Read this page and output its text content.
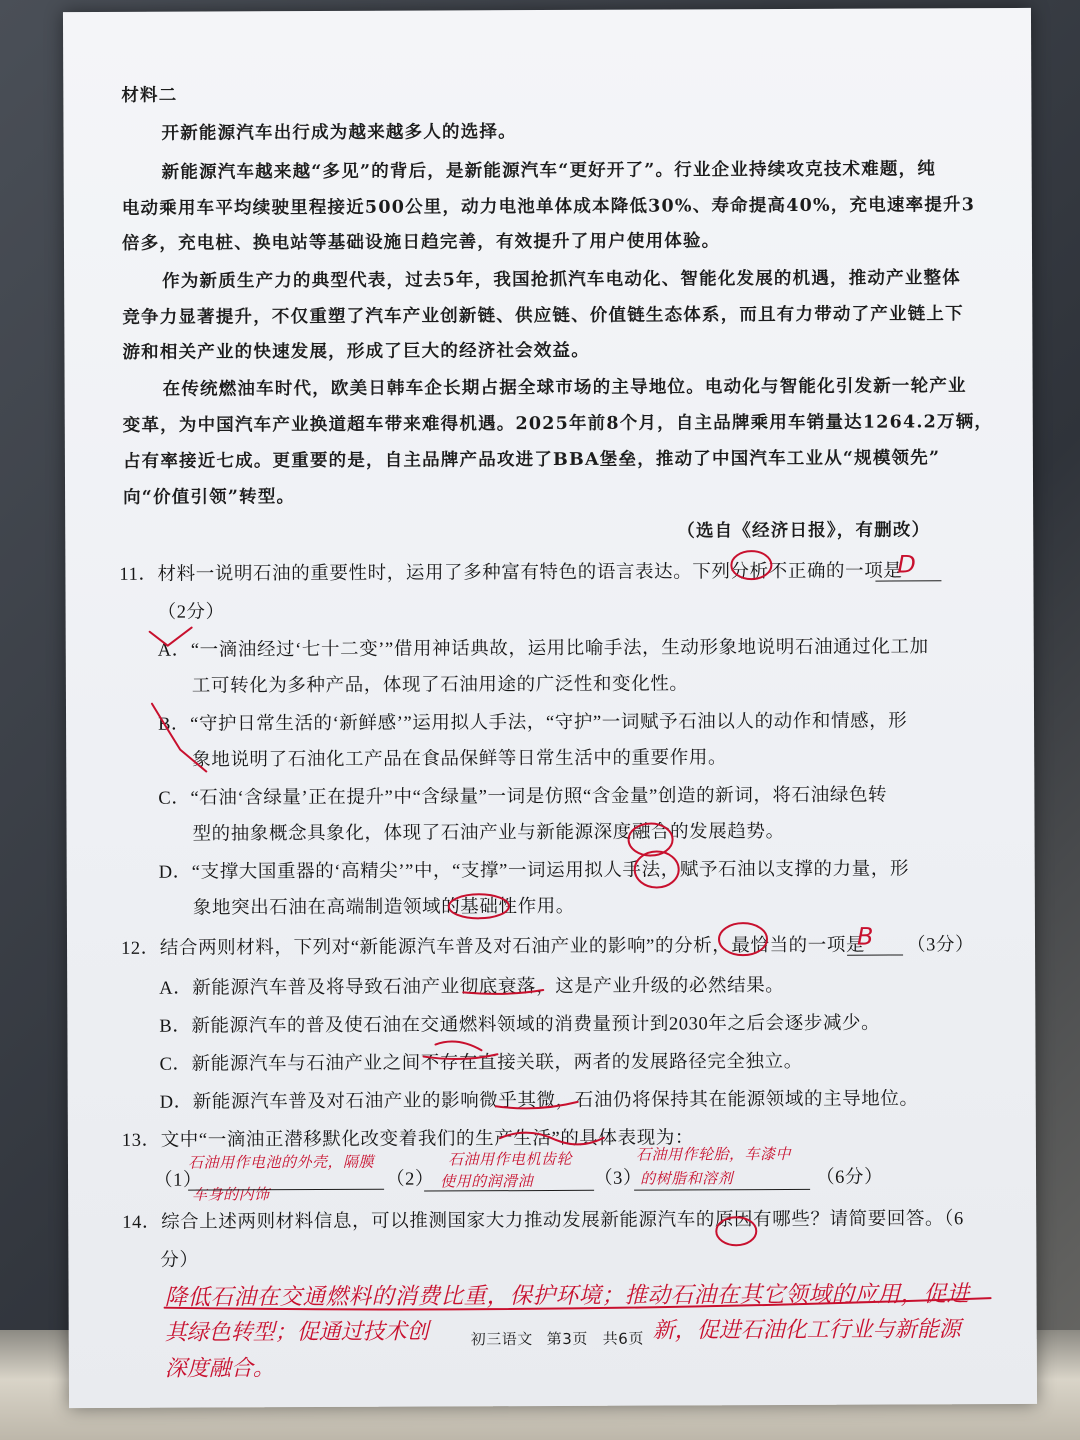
材料二
开新能源汽车出行成为越来越多人的选择。
新能源汽车越来越“多见”的背后，是新能源汽车“更好开了”。行业企业持续攻克技术难题，纯
电动乘用车平均续驶里程接近500公里，动力电池单体成本降低30%、寿命提高40%，充电速率提升3
倍多，充电桩、换电站等基础设施日趋完善，有效提升了用户使用体验。
作为新质生产力的典型代表，过去5年，我国抢抓汽车电动化、智能化发展的机遇，推动产业整体
竞争力显著提升，不仅重塑了汽车产业创新链、供应链、价值链生态体系，而且有力带动了产业链上下
游和相关产业的快速发展，形成了巨大的经济社会效益。
在传统燃油车时代，欧美日韩车企长期占据全球市场的主导地位。电动化与智能化引发新一轮产业
变革，为中国汽车产业换道超车带来难得机遇。2025年前8个月，自主品牌乘用车销量达1264.2万辆，
占有率接近七成。更重要的是，自主品牌产品攻进了BBA堡垒，推动了中国汽车工业从“规模领先”
向“价值引领”转型。
（选自《经济日报》，有删改）
11．材料一说明石油的重要性时，运用了多种富有特色的语言表达。下列分析不正确的一项是
D
（2分）
A．“一滴油经过‘七十二变’”借用神话典故，运用比喻手法，生动形象地说明石油通过化工加
工可转化为多种产品，体现了石油用途的广泛性和变化性。
B．“守护日常生活的‘新鲜感’”运用拟人手法，“守护”一词赋予石油以人的动作和情感，形
象地说明了石油化工产品在食品保鲜等日常生活中的重要作用。
C．“石油‘含绿量’正在提升”中“含绿量”一词是仿照“含金量”创造的新词，将石油绿色转
型的抽象概念具象化，体现了石油产业与新能源深度融合的发展趋势。
D．“支撑大国重器的‘高精尖’”中，“支撑”一词运用拟人手法，赋予石油以支撑的力量，形
象地突出石油在高端制造领域的基础性作用。
12．结合两则材料，下列对“新能源汽车普及对石油产业的影响”的分析，最恰当的一项是
B （3分）
A．新能源汽车普及将导致石油产业彻底衰落，这是产业升级的必然结果。
B．新能源汽车的普及使石油在交通燃料领域的消费量预计到2030年之后会逐步减少。
C．新能源汽车与石油产业之间不存在直接关联，两者的发展路径完全独立。
D．新能源汽车普及对石油产业的影响微乎其微，石油仍将保持其在能源领域的主导地位。
13．文中“一滴油正潜移默化改变着我们的生产生活”的具体表现为：
（1）
石油用作电池的外壳，隔膜
车身的内饰
（2）
石油用作电机齿轮
使用的润滑油	（3）
石油用作轮胎，车漆中
的树脂和溶剂	（6分）
14．综合上述两则材料信息，可以推测国家大力推动发展新能源汽车的原因有哪些？请简要回答。（6
分）
降低石油在交通燃料的消费比重，保护环境；推动石油在其它领域的应用，促进
其绿色转型；促通过技术创	新，促进石油化工行业与新能源
深度融合。
初三语文 第3页 共6页
